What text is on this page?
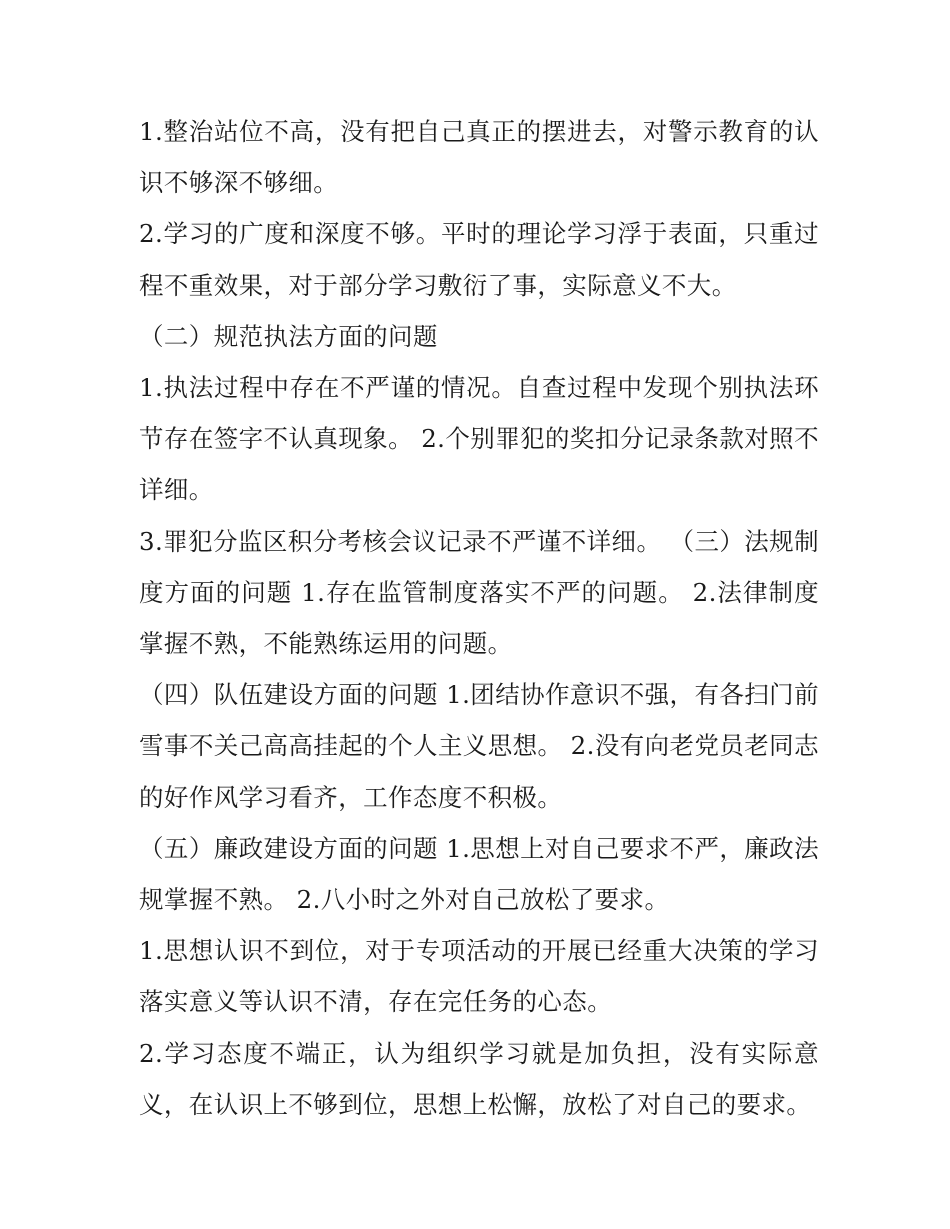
1.整治站位不高，没有把自己真正的摆进去，对警示教育的认识不够深不够细。

2.学习的广度和深度不够。平时的理论学习浮于表面，只重过程不重效果，对于部分学习敷衍了事，实际意义不大。

（二）规范执法方面的问题

1.执法过程中存在不严谨的情况。自查过程中发现个别执法环节存在签字不认真现象。 2.个别罪犯的奖扣分记录条款对照不详细。

3.罪犯分监区积分考核会议记录不严谨不详细。 （三）法规制度方面的问题 1.存在监管制度落实不严的问题。 2.法律制度掌握不熟，不能熟练运用的问题。

（四）队伍建设方面的问题 1.团结协作意识不强，有各扫门前雪事不关己高高挂起的个人主义思想。 2.没有向老党员老同志的好作风学习看齐，工作态度不积极。

（五）廉政建设方面的问题 1.思想上对自己要求不严，廉政法规掌握不熟。 2.八小时之外对自己放松了要求。

1.思想认识不到位，对于专项活动的开展已经重大决策的学习落实意义等认识不清，存在完任务的心态。

2.学习态度不端正，认为组织学习就是加负担，没有实际意义，在认识上不够到位，思想上松懈，放松了对自己的要求。
